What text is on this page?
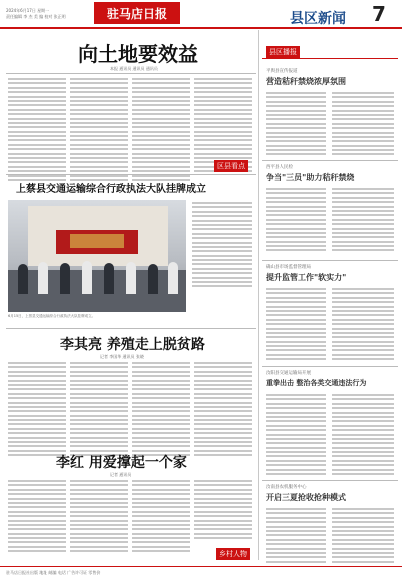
2024年6月17日 星期一
责任编辑 李 杰 美 编 校对 张正明	驻马店日报	县区新闻 7
向土地要效益
本报 通讯员 通讯员 通讯员
区县看点
上蔡县交通运输综合行政执法大队挂牌成立
6月15日，上蔡县交通运输综合行政执法大队挂牌成立。
李其亮 养殖走上脱贫路
记者 李国华 通讯员 张晓
李红 用爱撑起一个家
记者 通讯员
乡村人物
县区播报
平舆县宣传报道
营造秸秆禁烧浓厚氛围
西平县人民检
争当"三员"助力秸秆禁烧
确山县市场监督管理局
提升监管工作"软实力"
汝阳县交通运输局开展
重拳出击 整治各类交通违法行为
汝南县农机服务中心
开启三夏抢收抢种模式
驻马店日报社出版 地址 邮编 电话 广告许可证 零售价
